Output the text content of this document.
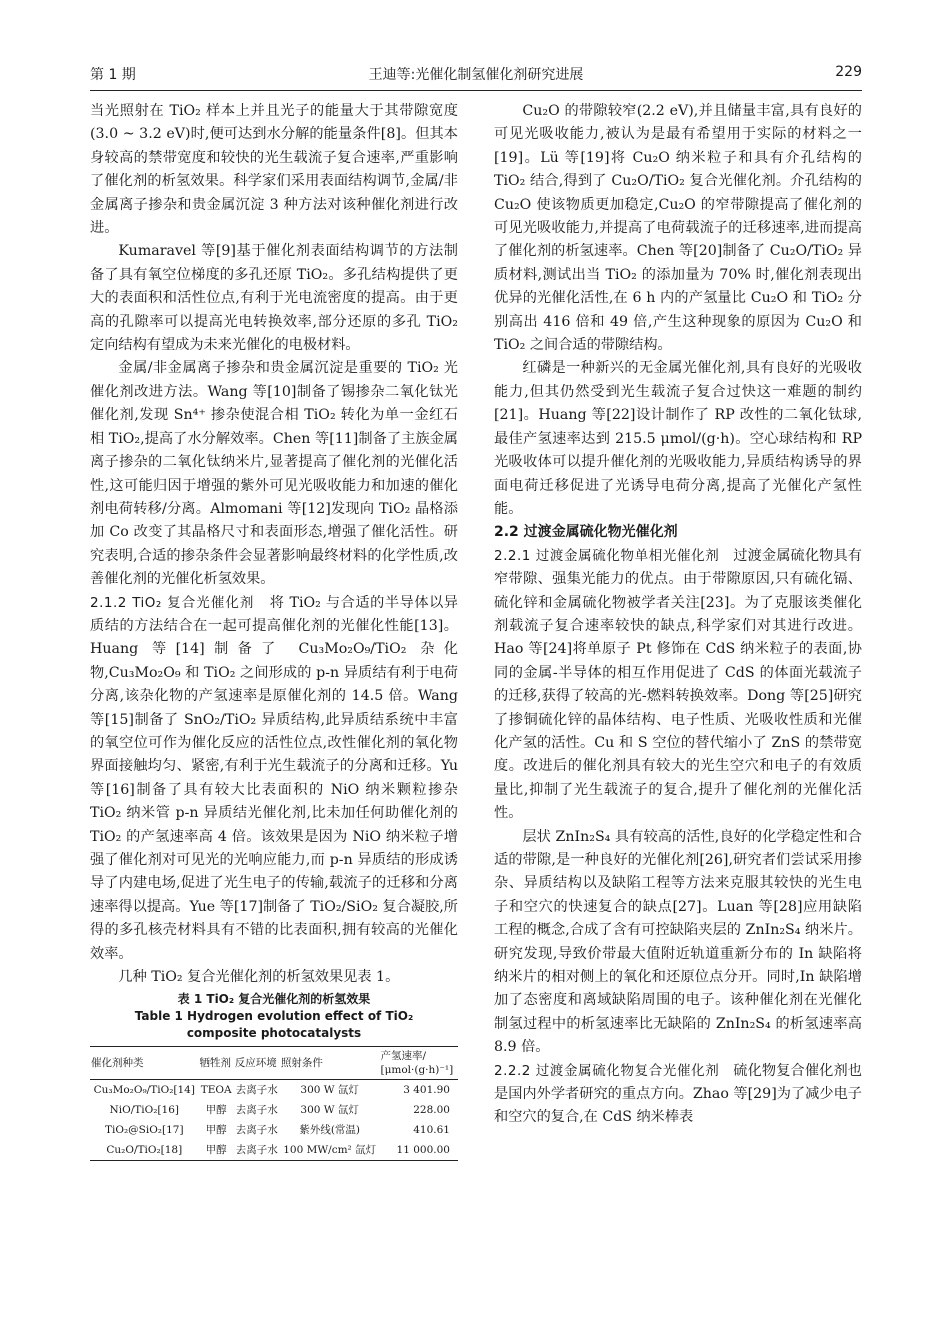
第 1 期	王迪等:光催化制氢催化剂研究进展	229

当光照射在 TiO₂ 样本上并且光子的能量大于其带隙宽度(3.0 ~ 3.2 eV)时,便可达到水分解的能量条件[8]。但其本身较高的禁带宽度和较快的光生载流子复合速率,严重影响了催化剂的析氢效果。科学家们采用表面结构调节,金属/非金属离子掺杂和贵金属沉淀 3 种方法对该种催化剂进行改进。

Kumaravel 等[9]基于催化剂表面结构调节的方法制备了具有氧空位梯度的多孔还原 TiO₂。多孔结构提供了更大的表面积和活性位点,有利于光电流密度的提高。由于更高的孔隙率可以提高光电转换效率,部分还原的多孔 TiO₂ 定向结构有望成为未来光催化的电极材料。

金属/非金属离子掺杂和贵金属沉淀是重要的 TiO₂ 光催化剂改进方法。Wang 等[10]制备了锡掺杂二氧化钛光催化剂,发现 Sn⁴⁺ 掺杂使混合相 TiO₂ 转化为单一金红石相 TiO₂,提高了水分解效率。Chen 等[11]制备了主族金属离子掺杂的二氧化钛纳米片,显著提高了催化剂的光催化活性,这可能归因于增强的紫外可见光吸收能力和加速的催化剂电荷转移/分离。Almomani 等[12]发现向 TiO₂ 晶格添加 Co 改变了其晶格尺寸和表面形态,增强了催化活性。研究表明,合适的掺杂条件会显著影响最终材料的化学性质,改善催化剂的光催化析氢效果。

2.1.2 TiO₂ 复合光催化剂 将 TiO₂ 与合适的半导体以异质结的方法结合在一起可提高催化剂的光催化性能[13]。Huang 等[14]制备了 Cu₃Mo₂O₉/TiO₂ 杂化物,Cu₃Mo₂O₉ 和 TiO₂ 之间形成的 p-n 异质结有利于电荷分离,该杂化物的产氢速率是原催化剂的 14.5 倍。Wang 等[15]制备了 SnO₂/TiO₂ 异质结构,此异质结系统中丰富的氧空位可作为催化反应的活性位点,改性催化剂的氧化物界面接触均匀、紧密,有利于光生载流子的分离和迁移。Yu 等[16]制备了具有较大比表面积的 NiO 纳米颗粒掺杂 TiO₂ 纳米管 p-n 异质结光催化剂,比未加任何助催化剂的 TiO₂ 的产氢速率高 4 倍。该效果是因为 NiO 纳米粒子增强了催化剂对可见光的光响应能力,而 p-n 异质结的形成诱导了内建电场,促进了光生电子的传输,载流子的迁移和分离速率得以提高。Yue 等[17]制备了 TiO₂/SiO₂ 复合凝胶,所得的多孔核壳材料具有不错的比表面积,拥有较高的光催化效率。

几种 TiO₂ 复合光催化剂的析氢效果见表 1。

表 1 TiO₂ 复合光催化剂的析氢效果
Table 1 Hydrogen evolution effect of TiO₂
composite photocatalysts
催化剂种类	牺牲剂	反应环境	照射条件	产氢速率/
[μmol·(g·h)⁻¹]
Cu₃Mo₂O₉/TiO₂[14]	TEOA	去离子水	300 W 氙灯	3 401.90
NiO/TiO₂[16]	甲醇	去离子水	300 W 氙灯	228.00
TiO₂@SiO₂[17]	甲醇	去离子水	紫外线(常温)	410.61
Cu₂O/TiO₂[18]	甲醇	去离子水	100 MW/cm² 氙灯	11 000.00

Cu₂O 的带隙较窄(2.2 eV),并且储量丰富,具有良好的可见光吸收能力,被认为是最有希望用于实际的材料之一[19]。Lü 等[19]将 Cu₂O 纳米粒子和具有介孔结构的 TiO₂ 结合,得到了 Cu₂O/TiO₂ 复合光催化剂。介孔结构的 Cu₂O 使该物质更加稳定,Cu₂O 的窄带隙提高了催化剂的可见光吸收能力,并提高了电荷载流子的迁移速率,进而提高了催化剂的析氢速率。Chen 等[20]制备了 Cu₂O/TiO₂ 异质材料,测试出当 TiO₂ 的添加量为 70% 时,催化剂表现出优异的光催化活性,在 6 h 内的产氢量比 Cu₂O 和 TiO₂ 分别高出 416 倍和 49 倍,产生这种现象的原因为 Cu₂O 和 TiO₂ 之间合适的带隙结构。

红磷是一种新兴的无金属光催化剂,具有良好的光吸收能力,但其仍然受到光生载流子复合过快这一难题的制约[21]。Huang 等[22]设计制作了 RP 改性的二氧化钛球,最佳产氢速率达到 215.5 μmol/(g·h)。空心球结构和 RP 光吸收体可以提升催化剂的光吸收能力,异质结构诱导的界面电荷迁移促进了光诱导电荷分离,提高了光催化产氢性能。

2.2 过渡金属硫化物光催化剂

2.2.1 过渡金属硫化物单相光催化剂 过渡金属硫化物具有窄带隙、强集光能力的优点。由于带隙原因,只有硫化镉、硫化锌和金属硫化物被学者关注[23]。为了克服该类催化剂载流子复合速率较快的缺点,科学家们对其进行改进。Hao 等[24]将单原子 Pt 修饰在 CdS 纳米粒子的表面,协同的金属-半导体的相互作用促进了 CdS 的体面光载流子的迁移,获得了较高的光-燃料转换效率。Dong 等[25]研究了掺铜硫化锌的晶体结构、电子性质、光吸收性质和光催化产氢的活性。Cu 和 S 空位的替代缩小了 ZnS 的禁带宽度。改进后的催化剂具有较大的光生空穴和电子的有效质量比,抑制了光生载流子的复合,提升了催化剂的光催化活性。

层状 ZnIn₂S₄ 具有较高的活性,良好的化学稳定性和合适的带隙,是一种良好的光催化剂[26],研究者们尝试采用掺杂、异质结构以及缺陷工程等方法来克服其较快的光生电子和空穴的快速复合的缺点[27]。Luan 等[28]应用缺陷工程的概念,合成了含有可控缺陷夹层的 ZnIn₂S₄ 纳米片。研究发现,导致价带最大值附近轨道重新分布的 In 缺陷将纳米片的相对侧上的氧化和还原位点分开。同时,In 缺陷增加了态密度和离域缺陷周围的电子。该种催化剂在光催化制氢过程中的析氢速率比无缺陷的 ZnIn₂S₄ 的析氢速率高 8.9 倍。

2.2.2 过渡金属硫化物复合光催化剂 硫化物复合催化剂也是国内外学者研究的重点方向。Zhao 等[29]为了减少电子和空穴的复合,在 CdS 纳米棒表
